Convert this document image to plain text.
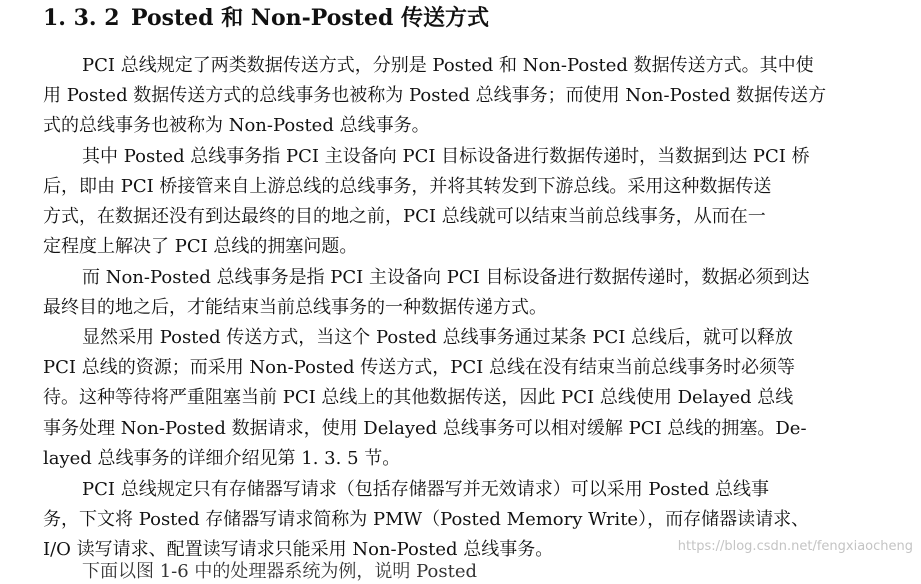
1. 3. 2 Posted 和 Non-Posted 传送方式
PCI 总线规定了两类数据传送方式，分别是 Posted 和 Non-Posted 数据传送方式。其中使
用 Posted 数据传送方式的总线事务也被称为 Posted 总线事务；而使用 Non-Posted 数据传送方
式的总线事务也被称为 Non-Posted 总线事务。
其中 Posted 总线事务指 PCI 主设备向 PCI 目标设备进行数据传递时，当数据到达 PCI 桥
后，即由 PCI 桥接管来自上游总线的总线事务，并将其转发到下游总线。采用这种数据传送
方式，在数据还没有到达最终的目的地之前，PCI 总线就可以结束当前总线事务，从而在一
定程度上解决了 PCI 总线的拥塞问题。
而 Non-Posted 总线事务是指 PCI 主设备向 PCI 目标设备进行数据传递时，数据必须到达
最终目的地之后，才能结束当前总线事务的一种数据传递方式。
显然采用 Posted 传送方式，当这个 Posted 总线事务通过某条 PCI 总线后，就可以释放
PCI 总线的资源；而采用 Non-Posted 传送方式，PCI 总线在没有结束当前总线事务时必须等
待。这种等待将严重阻塞当前 PCI 总线上的其他数据传送，因此 PCI 总线使用 Delayed 总线
事务处理 Non-Posted 数据请求，使用 Delayed 总线事务可以相对缓解 PCI 总线的拥塞。De-
layed 总线事务的详细介绍见第 1. 3. 5 节。
PCI 总线规定只有存储器写请求（包括存储器写并无效请求）可以采用 Posted 总线事
务，下文将 Posted 存储器写请求简称为 PMW（Posted Memory Write），而存储器读请求、
I/O 读写请求、配置读写请求只能采用 Non-Posted 总线事务。
下面以图 1-6 中的处理器系统为例，说明 Posted
https://blog.csdn.net/fengxiaocheng
